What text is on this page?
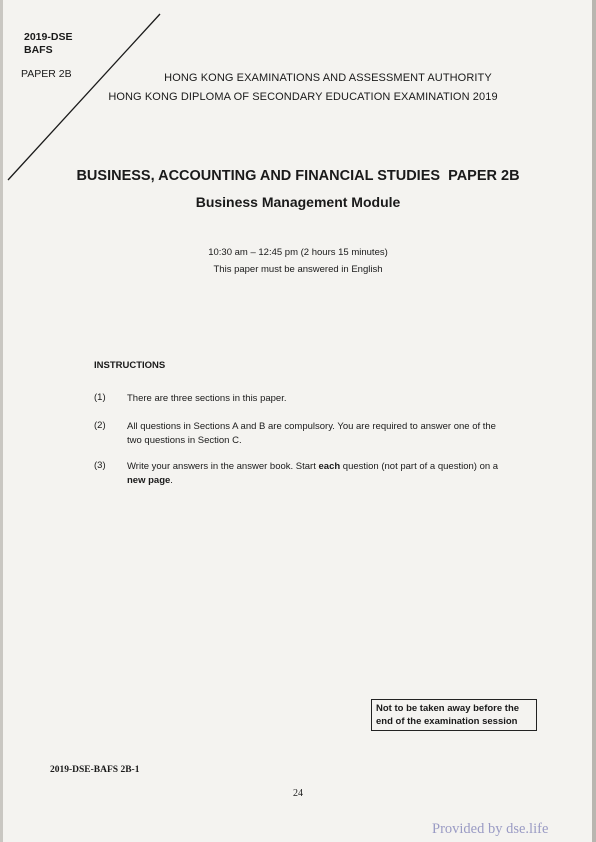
2019-DSE
BAFS
PAPER 2B	HONG KONG EXAMINATIONS AND ASSESSMENT AUTHORITY
HONG KONG DIPLOMA OF SECONDARY EDUCATION EXAMINATION 2019
BUSINESS, ACCOUNTING AND FINANCIAL STUDIES  PAPER 2B
Business Management Module
10:30 am – 12:45 pm (2 hours 15 minutes)
This paper must be answered in English
INSTRUCTIONS
(1) There are three sections in this paper.
(2) All questions in Sections A and B are compulsory. You are required to answer one of the two questions in Section C.
(3) Write your answers in the answer book. Start each question (not part of a question) on a new page.
Not to be taken away before the end of the examination session
2019-DSE-BAFS 2B-1
24
Provided by dse.life
